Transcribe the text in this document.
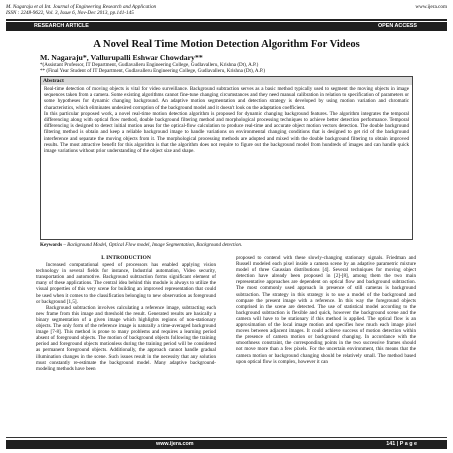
M. Nagaraju et al Int. Journal of Engineering Research and Application
ISSN : 2248-9622, Vol. 3, Issue 6, Nov-Dec 2013, pp.141-145
www.ijera.com
RESEARCH ARTICLE	OPEN ACCESS
A Novel Real Time Motion Detection Algorithm For Videos
M. Nagaraju*, Vallurupalli Eshwar Chowdary**
*(Assistant Professor, IT Department, Gudlavalleru Engineering College, Gudlavalleru, Krishna (Dt), A.P.)
** (Final Year Student of IT Department, Gudlavalleru Engineering College, Gudlavalleru, Krishna (Dt), A.P.)
Abstract
Real-time detection of moving objects is vital for video surveillance. Background subtraction serves as a basic method typically used to segment the moving objects in image sequences taken from a camera. Some existing algorithms cannot fine-tune changing circumstances and they need manual calibration in relation to specification of parameters or some hypotheses for dynamic changing background. An adaptive motion segmentation and detection strategy is developed by using motion variation and chromatic characteristics, which eliminates undesired corruption of the background model and it doesn't look on the adaptation coefficient.
In this particular proposed work, a novel real-time motion detection algorithm is proposed for dynamic changing background features. The algorithm integrates the temporal differencing along with optical flow method, double background filtering method and morphological processing techniques to achieve better detection performance. Temporal differencing is designed to detect initial motion areas for the optical-flow calculation to produce real-time and accurate object motion vectors detection. The double background filtering method is obtain and keep a reliable background image to handle variations on environmental changing conditions that is designed to get rid of the background interference and separate the moving objects from it. The morphological processing methods are adopted and mixed with the double background filtering to obtain improved results. The most attractive benefit for this algorithm is that the algorithm does not require to figure out the background model from hundreds of images and can handle quick image variations without prior understanding of the object size and shape.
Keywords – Background Model, Optical Flow model, Image Segmentation, Background detection.
I. INTRODUCTION

Increased computational speed of processors has enabled applying vision technology in several fields for instance, Industrial automation, Video security, transportation and automotive. Background subtraction forms significant element of many of these applications. The central idea behind this module is always to utilize the visual properties of this very scene for building an improved representation that could be used when it comes to the classification belonging to new observation as foreground or background [1,5].

Background subtraction involves calculating a reference image, subtracting each new frame from this image and threshold the result. Generated results are basically a binary segmentation of a given image which highlights regions of non-stationary objects. The only form of the reference image is naturally a time-averaged background image [7-8]. This method is prone to many problems and requires a learning period absent of foreground objects. The motion of background objects following the training period and foreground objects motionless during the training period will be considered as permanent foreground objects. Additionally, the approach cannot handle gradual illumination changes in the scene. Such issues result in the necessity that any solution must constantly re-estimate the background model. Many adaptive background-modeling methods have been

proposed to contend with these slowly-changing stationary signals. Friedman and Russell modeled each pixel inside a camera scene by an adaptive parametric mixture model of three Gaussian distributions [4]. Several techniques for moving object detection have already been proposed in [2]-[8], among them the two main representative approaches are dependent on optical flow and background subtraction. The most commonly used approach in presence of still cameras is background subtraction. The strategy in this strategy is to use a model of the background and compare the present image with a reference. In this way the foreground objects comprised in the scene are detected. The use of statistical model according to the background subtraction is flexible and quick, however the background scene and the camera will have to be stationary if this method is applied. The optical flow is an approximation of the local image motion and specifies how much each image pixel moves between adjacent images. It could achieve success of motion detection within the presence of camera motion or background changing. In accordance with the smoothness constraint, the corresponding points in the two successive frames should not move more than a few pixels. For the uncertain environment, this means that the camera motion or background changing should be relatively small. The method based upon optical flow is complex, however it can

www.ijera.com	141 | P a g e
